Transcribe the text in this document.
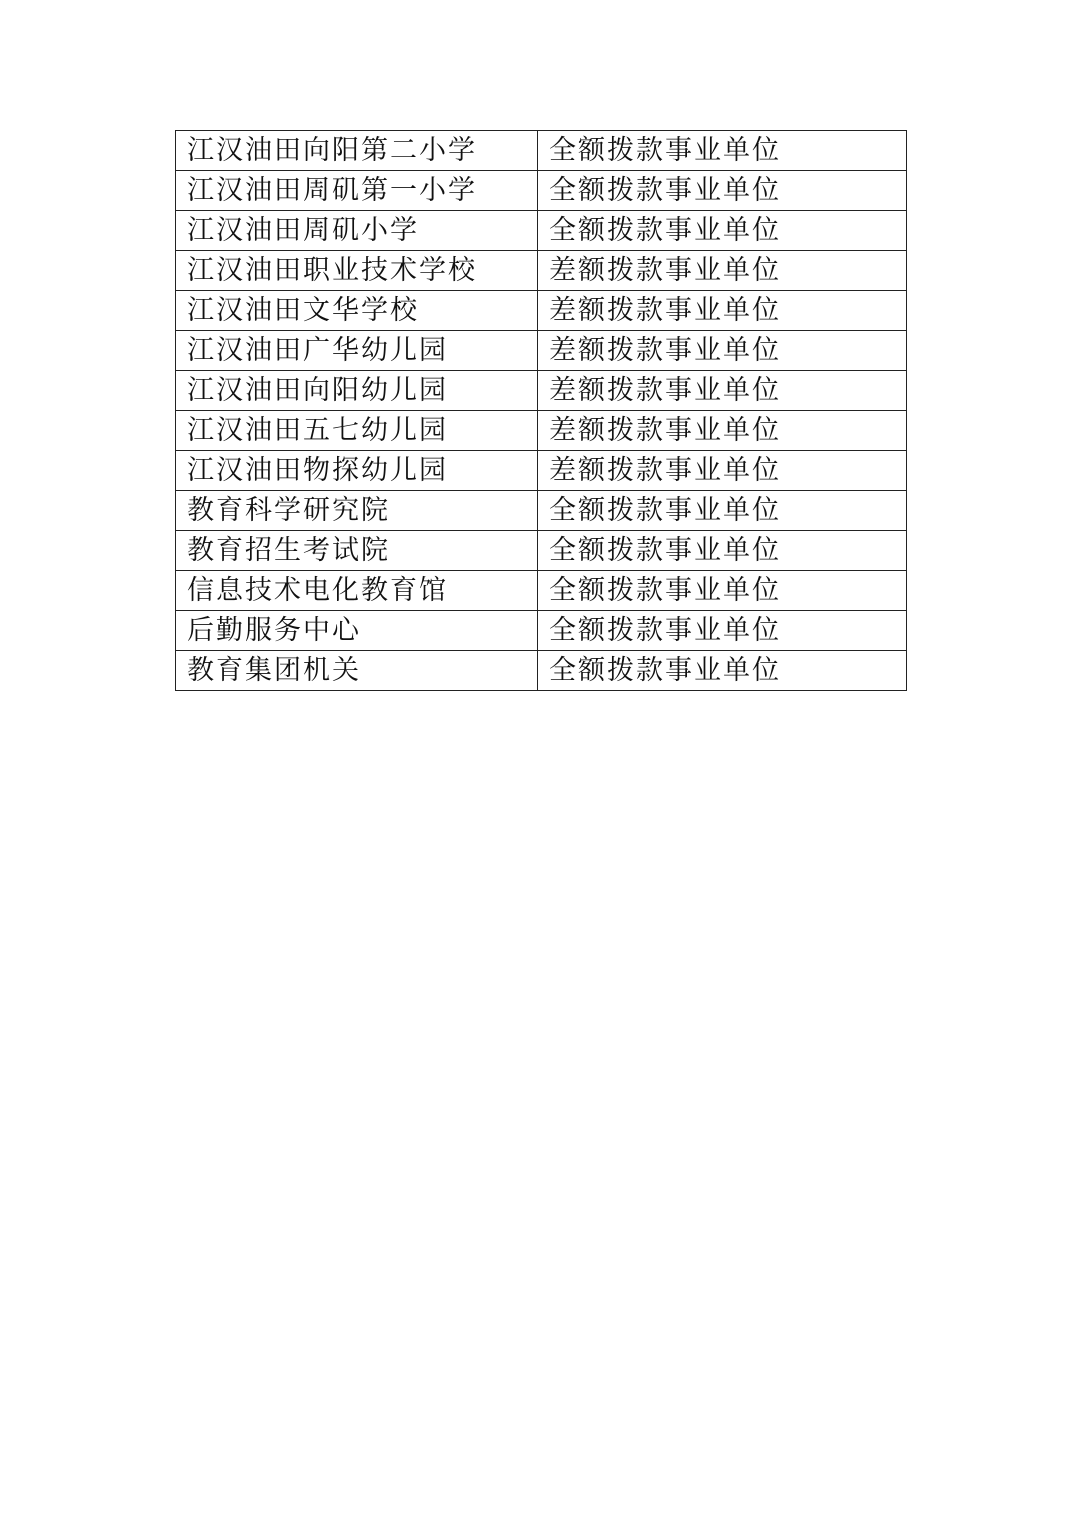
江汉油田向阳第二小学	全额拨款事业单位
江汉油田周矶第一小学	全额拨款事业单位
江汉油田周矶小学	全额拨款事业单位
江汉油田职业技术学校	差额拨款事业单位
江汉油田文华学校	差额拨款事业单位
江汉油田广华幼儿园	差额拨款事业单位
江汉油田向阳幼儿园	差额拨款事业单位
江汉油田五七幼儿园	差额拨款事业单位
江汉油田物探幼儿园	差额拨款事业单位
教育科学研究院	全额拨款事业单位
教育招生考试院	全额拨款事业单位
信息技术电化教育馆	全额拨款事业单位
后勤服务中心	全额拨款事业单位
教育集团机关	全额拨款事业单位
